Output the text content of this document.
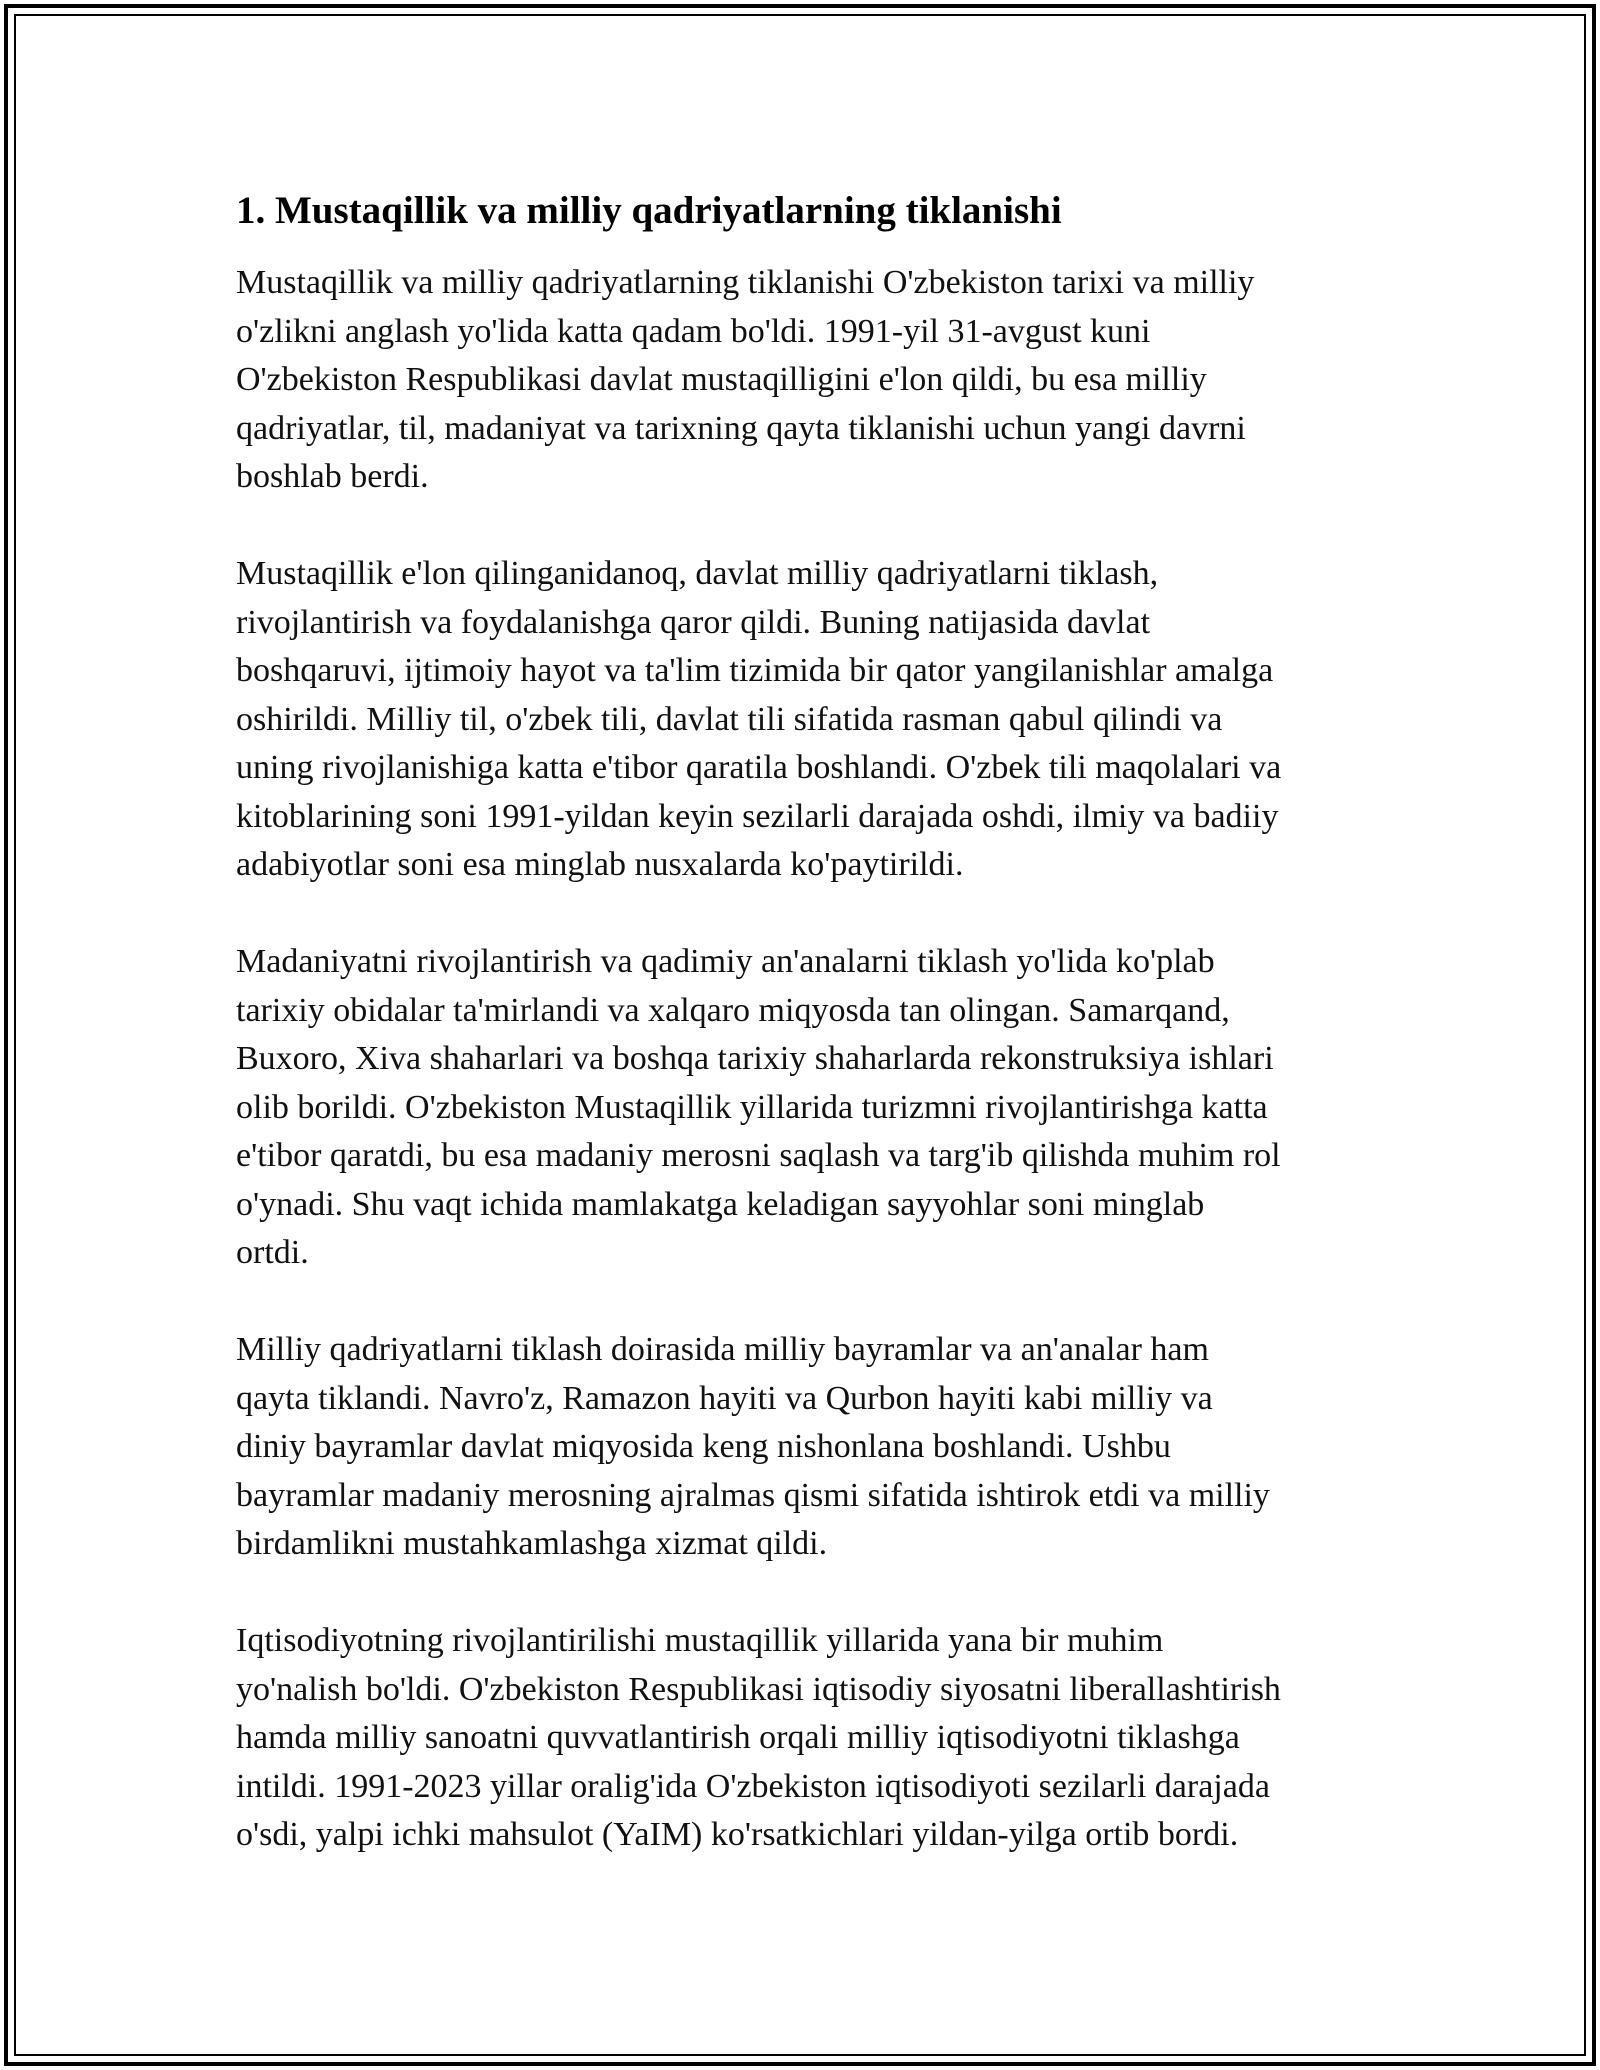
1. Mustaqillik va milliy qadriyatlarning tiklanishi

Mustaqillik va milliy qadriyatlarning tiklanishi O'zbekiston tarixi va milliy
o'zlikni anglash yo'lida katta qadam bo'ldi. 1991-yil 31-avgust kuni
O'zbekiston Respublikasi davlat mustaqilligini e'lon qildi, bu esa milliy
qadriyatlar, til, madaniyat va tarixning qayta tiklanishi uchun yangi davrni
boshlab berdi.

Mustaqillik e'lon qilinganidanoq, davlat milliy qadriyatlarni tiklash,
rivojlantirish va foydalanishga qaror qildi. Buning natijasida davlat
boshqaruvi, ijtimoiy hayot va ta'lim tizimida bir qator yangilanishlar amalga
oshirildi. Milliy til, o'zbek tili, davlat tili sifatida rasman qabul qilindi va
uning rivojlanishiga katta e'tibor qaratila boshlandi. O'zbek tili maqolalari va
kitoblarining soni 1991-yildan keyin sezilarli darajada oshdi, ilmiy va badiiy
adabiyotlar soni esa minglab nusxalarda ko'paytirildi.

Madaniyatni rivojlantirish va qadimiy an'analarni tiklash yo'lida ko'plab
tarixiy obidalar ta'mirlandi va xalqaro miqyosda tan olingan. Samarqand,
Buxoro, Xiva shaharlari va boshqa tarixiy shaharlarda rekonstruksiya ishlari
olib borildi. O'zbekiston Mustaqillik yillarida turizmni rivojlantirishga katta
e'tibor qaratdi, bu esa madaniy merosni saqlash va targ'ib qilishda muhim rol
o'ynadi. Shu vaqt ichida mamlakatga keladigan sayyohlar soni minglab
ortdi.

Milliy qadriyatlarni tiklash doirasida milliy bayramlar va an'analar ham
qayta tiklandi. Navro'z, Ramazon hayiti va Qurbon hayiti kabi milliy va
diniy bayramlar davlat miqyosida keng nishonlana boshlandi. Ushbu
bayramlar madaniy merosning ajralmas qismi sifatida ishtirok etdi va milliy
birdamlikni mustahkamlashga xizmat qildi.

Iqtisodiyotning rivojlantirilishi mustaqillik yillarida yana bir muhim
yo'nalish bo'ldi. O'zbekiston Respublikasi iqtisodiy siyosatni liberallashtirish
hamda milliy sanoatni quvvatlantirish orqali milliy iqtisodiyotni tiklashga
intildi. 1991-2023 yillar oralig'ida O'zbekiston iqtisodiyoti sezilarli darajada
o'sdi, yalpi ichki mahsulot (YaIM) ko'rsatkichlari yildan-yilga ortib bordi.
